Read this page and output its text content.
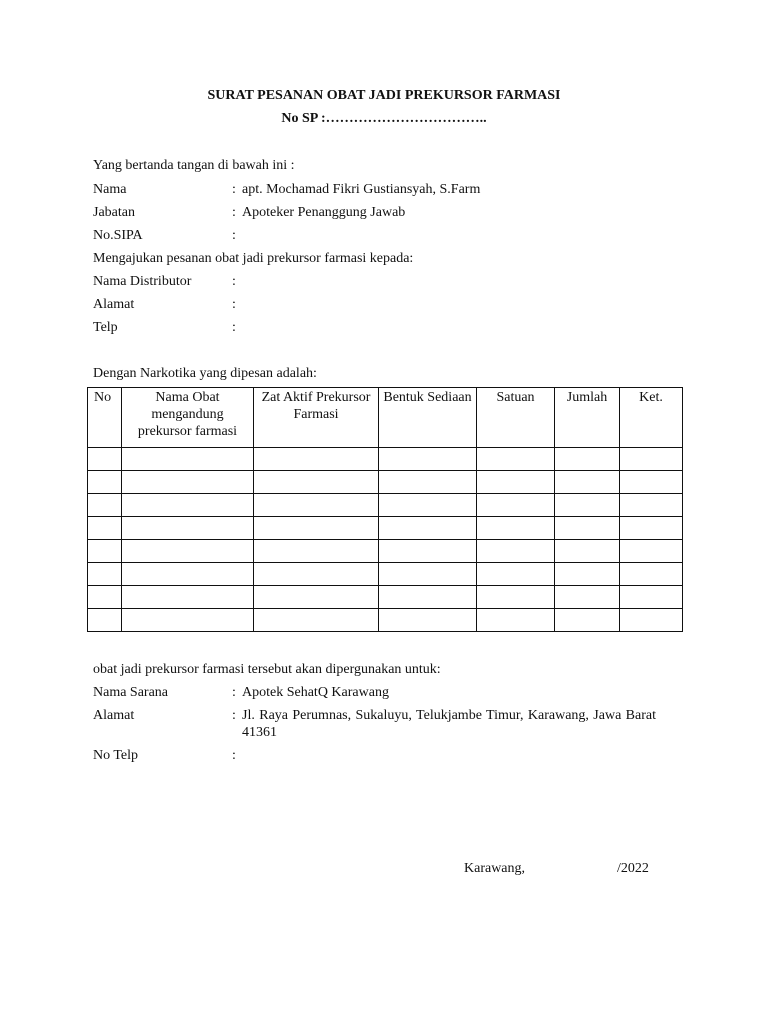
SURAT PESANAN OBAT JADI PREKURSOR FARMASI
No SP :……………………………..
Yang bertanda tangan di bawah ini :
Nama	: apt. Mochamad Fikri Gustiansyah, S.Farm
Jabatan	: Apoteker Penanggung Jawab
No.SIPA	:
Mengajukan pesanan obat jadi prekursor farmasi kepada:
Nama Distributor	:
Alamat	:
Telp	:
Dengan Narkotika yang dipesan adalah:
No	Nama Obat mengandung prekursor farmasi	Zat Aktif Prekursor Farmasi	Bentuk Sediaan	Satuan	Jumlah	Ket.

obat jadi prekursor farmasi tersebut akan dipergunakan untuk:
Nama Sarana	: Apotek SehatQ Karawang
Alamat	: Jl. Raya Perumnas, Sukaluyu, Telukjambe Timur, Karawang, Jawa Barat 41361
No Telp	:
Karawang,	/2022
